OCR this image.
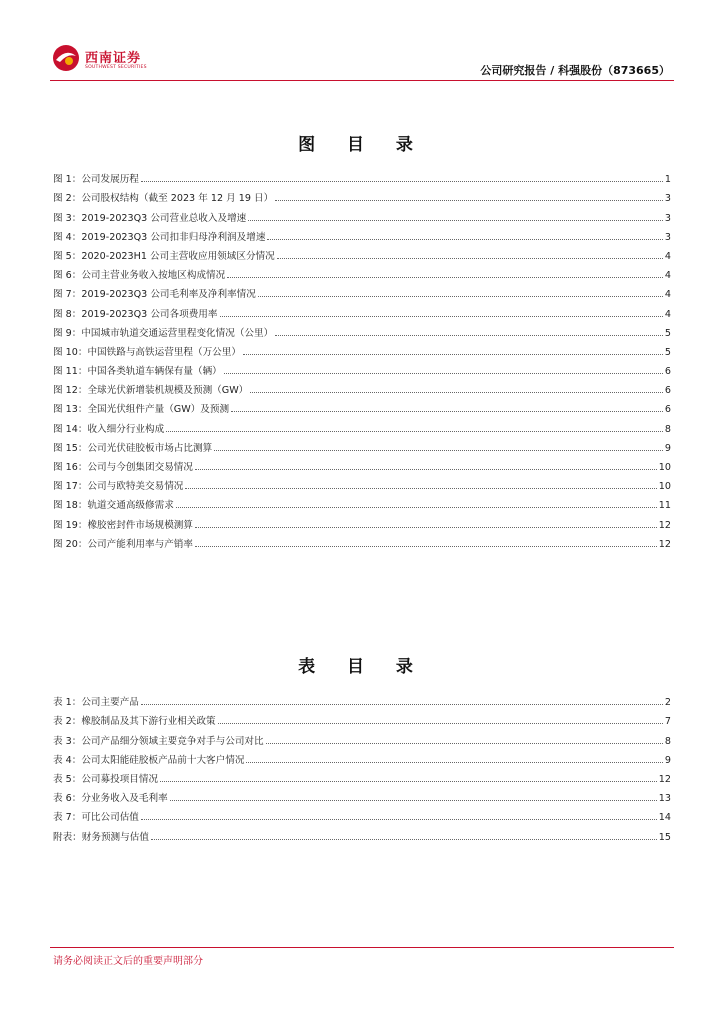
西南证券
SOUTHWEST SECURITIES	公司研究报告 / 科强股份（873665）
图 目 录
图 1：公司发展历程	1
图 2：公司股权结构（截至 2023 年 12 月 19 日）	3
图 3：2019-2023Q3 公司营业总收入及增速	3
图 4：2019-2023Q3 公司扣非归母净利润及增速	3
图 5：2020-2023H1 公司主营收应用领域区分情况	4
图 6：公司主营业务收入按地区构成情况	4
图 7：2019-2023Q3 公司毛利率及净利率情况	4
图 8：2019-2023Q3 公司各项费用率	4
图 9：中国城市轨道交通运营里程变化情况（公里）	5
图 10：中国铁路与高铁运营里程（万公里）	5
图 11：中国各类轨道车辆保有量（辆）	6
图 12：全球光伏新增装机规模及预测（GW）	6
图 13：全国光伏组件产量（GW）及预测	6
图 14：收入细分行业构成	8
图 15：公司光伏硅胶板市场占比测算	9
图 16：公司与今创集团交易情况	10
图 17：公司与欧特美交易情况	10
图 18：轨道交通高级修需求	11
图 19：橡胶密封件市场规模测算	12
图 20：公司产能利用率与产销率	12
表 目 录
表 1：公司主要产品	2
表 2：橡胶制品及其下游行业相关政策	7
表 3：公司产品细分领域主要竞争对手与公司对比	8
表 4：公司太阳能硅胶板产品前十大客户情况	9
表 5：公司募投项目情况	12
表 6：分业务收入及毛利率	13
表 7：可比公司估值	14
附表：财务预测与估值	15
请务必阅读正文后的重要声明部分
